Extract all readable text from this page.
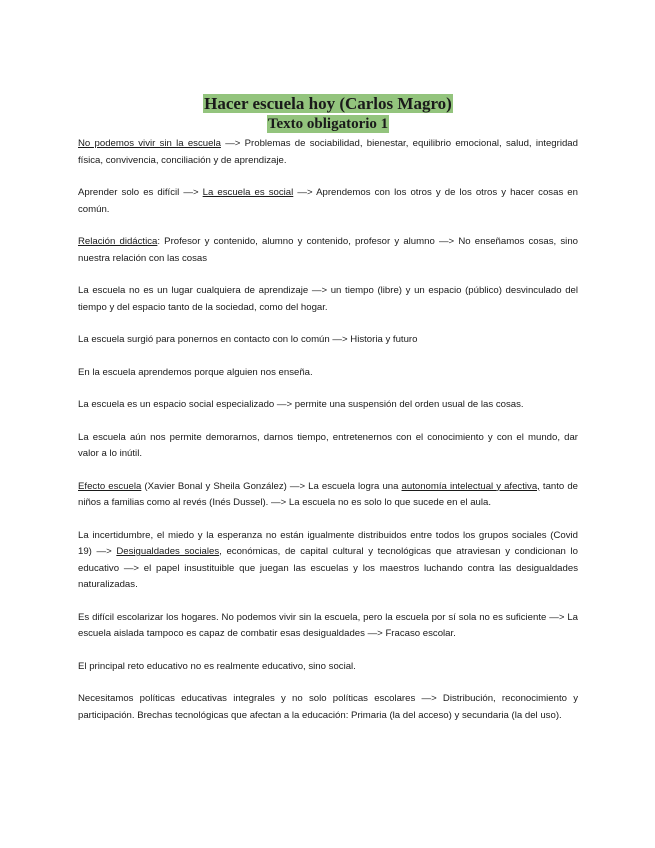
Hacer escuela hoy (Carlos Magro)
Texto obligatorio 1

No podemos vivir sin la escuela —> Problemas de sociabilidad, bienestar, equilibrio emocional, salud, integridad física, convivencia, conciliación y de aprendizaje.

Aprender solo es difícil —> La escuela es social —> Aprendemos con los otros y de los otros y hacer cosas en común.

Relación didáctica: Profesor y contenido, alumno y contenido, profesor y alumno —> No enseñamos cosas, sino nuestra relación con las cosas

La escuela no es un lugar cualquiera de aprendizaje —> un tiempo (libre) y un espacio (público) desvinculado del tiempo y del espacio tanto de la sociedad, como del hogar.

La escuela surgió para ponernos en contacto con lo común —> Historia y futuro

En la escuela aprendemos porque alguien nos enseña.

La escuela es un espacio social especializado —> permite una suspensión del orden usual de las cosas.

La escuela aún nos permite demorarnos, darnos tiempo, entretenernos con el conocimiento y con el mundo, dar valor a lo inútil.

Efecto escuela (Xavier Bonal y Sheila González) —> La escuela logra una autonomía intelectual y afectiva, tanto de niños a familias como al revés (Inés Dussel). —> La escuela no es solo lo que sucede en el aula.

La incertidumbre, el miedo y la esperanza no están igualmente distribuidos entre todos los grupos sociales (Covid 19) —> Desigualdades sociales, económicas, de capital cultural y tecnológicas que atraviesan y condicionan lo educativo —> el papel insustituible que juegan las escuelas y los maestros luchando contra las desigualdades naturalizadas.

Es difícil escolarizar los hogares. No podemos vivir sin la escuela, pero la escuela por sí sola no es suficiente —> La escuela aislada tampoco es capaz de combatir esas desigualdades —> Fracaso escolar.

El principal reto educativo no es realmente educativo, sino social.

Necesitamos políticas educativas integrales y no solo políticas escolares —> Distribución, reconocimiento y participación. Brechas tecnológicas que afectan a la educación: Primaria (la del acceso) y secundaria (la del uso).
